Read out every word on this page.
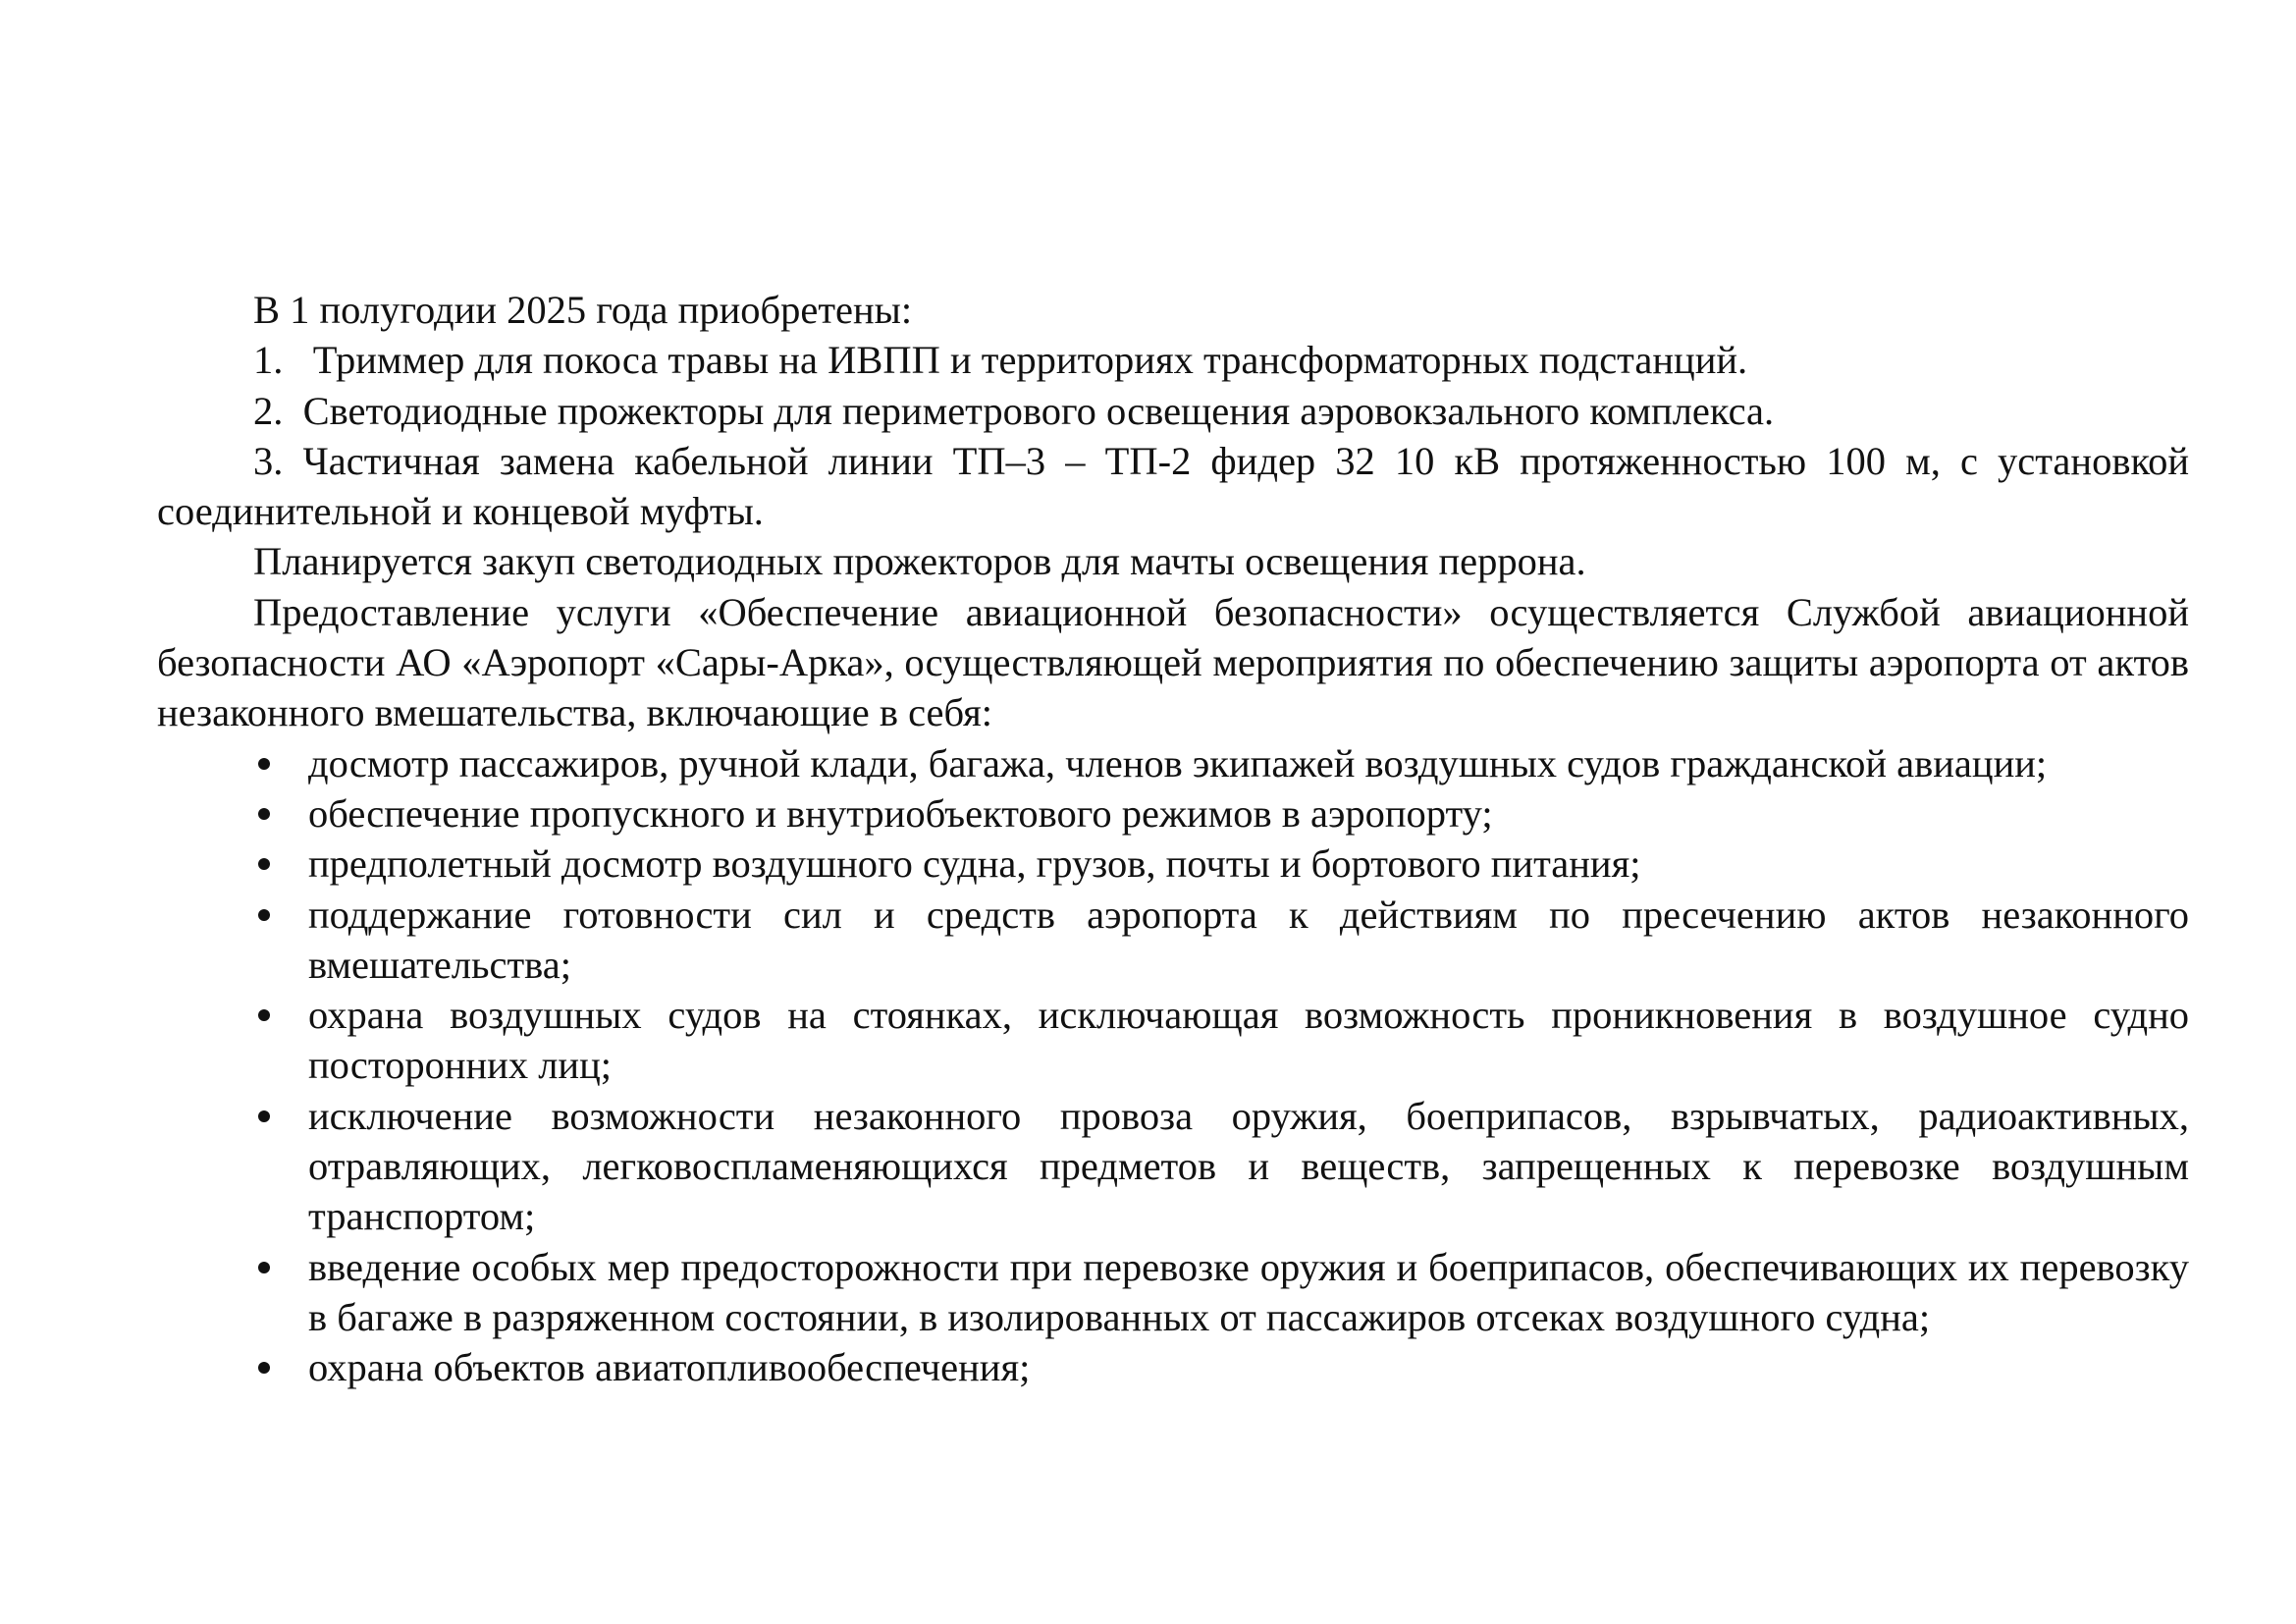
В 1 полугодии 2025 года приобретены:

1. Триммер для покоса травы на ИВПП и территориях трансформаторных подстанций.

2. Светодиодные прожекторы для периметрового освещения аэровокзального комплекса.

3. Частичная замена кабельной линии ТП–3 – ТП-2 фидер 32 10 кВ протяженностью 100 м, с установкой соединительной и концевой муфты.

Планируется закуп светодиодных прожекторов для мачты освещения перрона.

Предоставление услуги «Обеспечение авиационной безопасности» осуществляется Службой авиационной безопасности АО «Аэропорт «Сары-Арка», осуществляющей мероприятия по обеспечению защиты аэропорта от актов незаконного вмешательства, включающие в себя:

досмотр пассажиров, ручной клади, багажа, членов экипажей воздушных судов гражданской авиации;
обеспечение пропускного и внутриобъектового режимов в аэропорту;
предполетный досмотр воздушного судна, грузов, почты и бортового питания;
поддержание готовности сил и средств аэропорта к действиям по пресечению актов незаконного вмешательства;
охрана воздушных судов на стоянках, исключающая возможность проникновения в воздушное судно посторонних лиц;
исключение возможности незаконного провоза оружия, боеприпасов, взрывчатых, радиоактивных, отравляющих, легковоспламеняющихся предметов и веществ, запрещенных к перевозке воздушным транспортом;
введение особых мер предосторожности при перевозке оружия и боеприпасов, обеспечивающих их перевозку в багаже в разряженном состоянии, в изолированных от пассажиров отсеках воздушного судна;
охрана объектов авиатопливообеспечения;
